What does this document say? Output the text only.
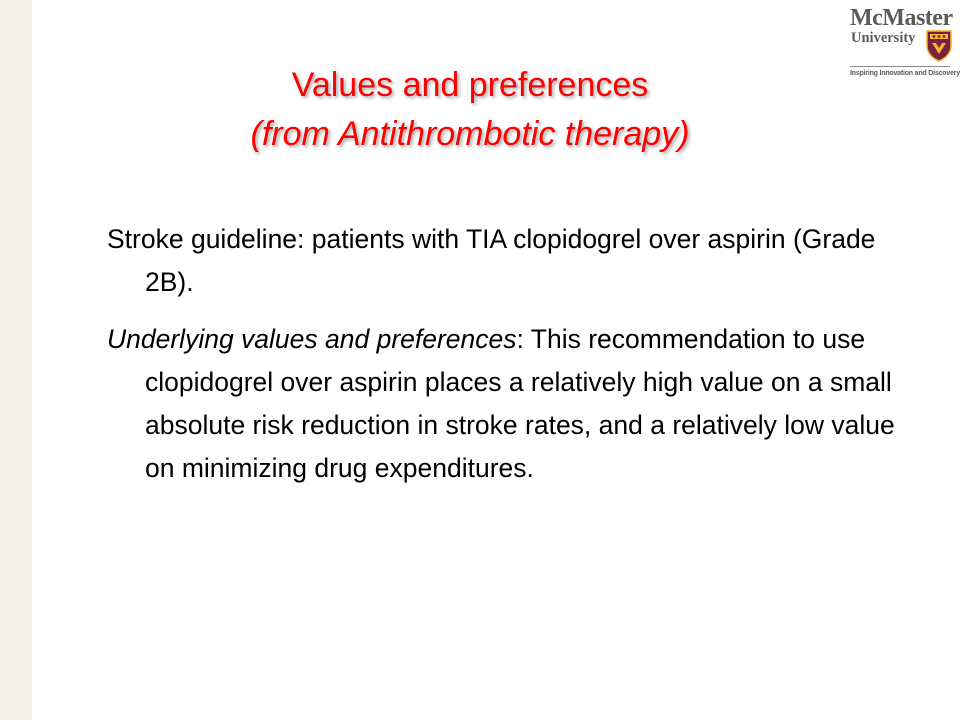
McMaster
University
Inspiring Innovation and Discovery
Values and preferences
(from Antithrombotic therapy)

Stroke guideline: patients with TIA clopidogrel over aspirin (Grade 2B).

Underlying values and preferences: This recommendation to use clopidogrel over aspirin places a relatively high value on a small absolute risk reduction in stroke rates, and a relatively low value on minimizing drug expenditures.
